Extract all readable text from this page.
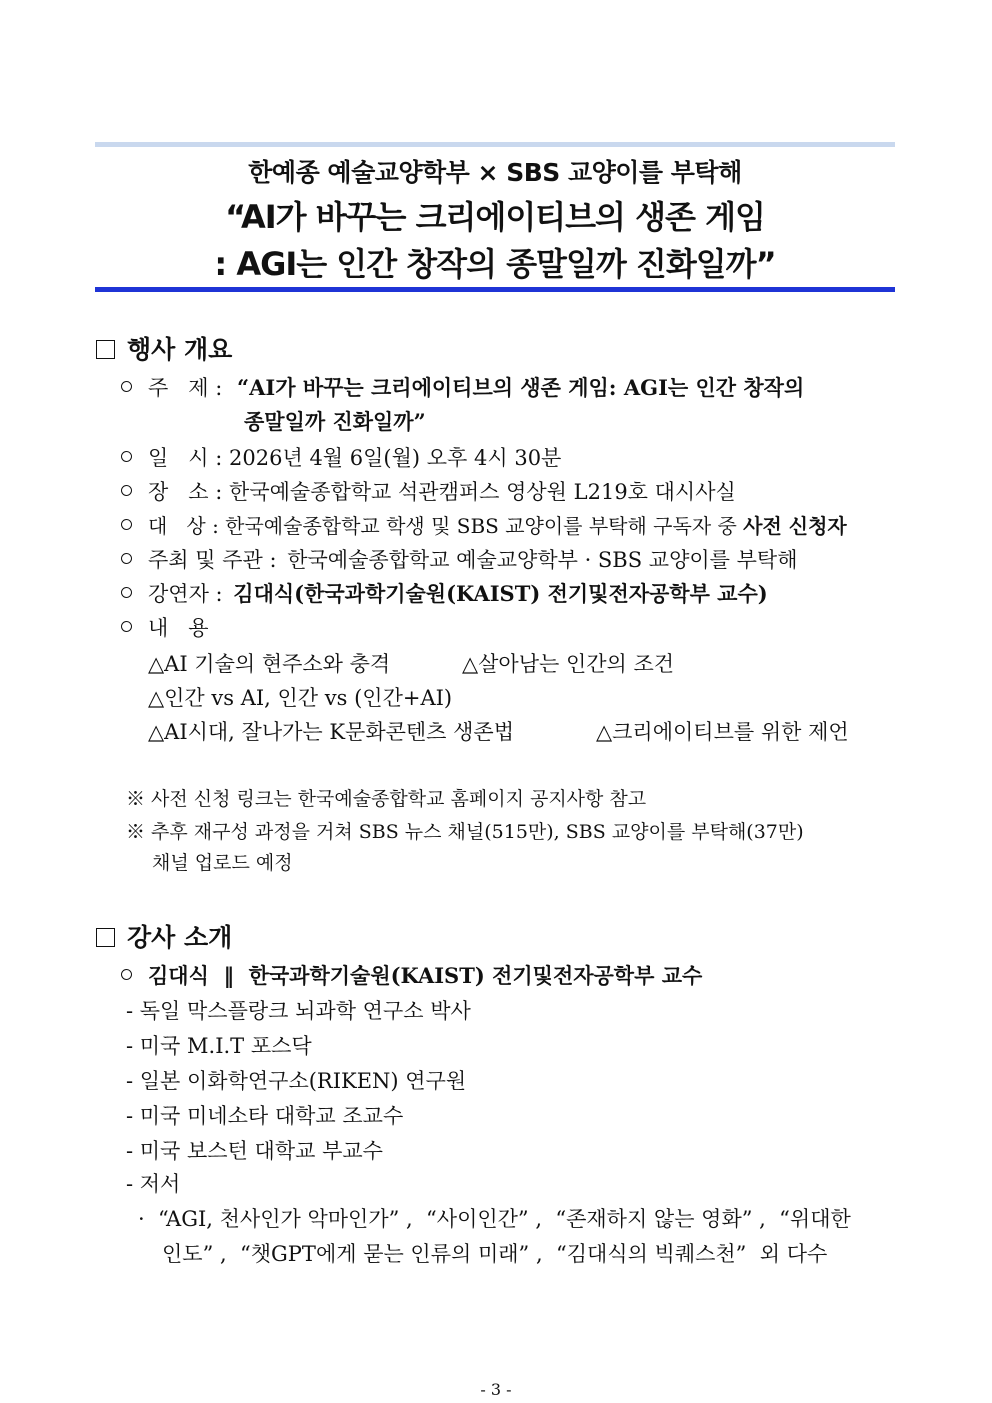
한예종 예술교양학부 × SBS 교양이를 부탁해
“AI가 바꾸는 크리에이티브의 생존 게임
: AGI는 인간 창작의 종말일까 진화일까”
행사 개요
주   제 : “AI가 바꾸는 크리에이티브의 생존 게임: AGI는 인간 창작의
종말일까 진화일까”
일   시 : 2026년 4월 6일(월) 오후 4시 30분
장   소 : 한국예술종합학교 석관캠퍼스 영상원 L219호 대시사실
대   상 : 한국예술종합학교 학생 및 SBS 교양이를 부탁해 구독자 중 사전 신청자
주최 및 주관 : 한국예술종합학교 예술교양학부 · SBS 교양이를 부탁해
강연자 : 김대식(한국과학기술원(KAIST) 전기및전자공학부 교수)
내   용
△AI 기술의 현주소와 충격	△살아남는 인간의 조건
△인간 vs AI, 인간 vs (인간+AI)
△AI시대, 잘나가는 K문화콘텐츠 생존법	△크리에이티브를 위한 제언
※ 사전 신청 링크는 한국예술종합학교 홈페이지 공지사항 참고
※ 추후 재구성 과정을 거쳐 SBS 뉴스 채널(515만), SBS 교양이를 부탁해(37만)
채널 업로드 예정
강사 소개
김대식  ‖  한국과학기술원(KAIST) 전기및전자공학부 교수
- 독일 막스플랑크 뇌과학 연구소 박사
- 미국 M.I.T 포스닥
- 일본 이화학연구소(RIKEN) 연구원
- 미국 미네소타 대학교 조교수
- 미국 보스턴 대학교 부교수
- 저서
·  “AGI, 천사인가 악마인가” ,  “사이인간” ,  “존재하지 않는 영화” ,  “위대한
인도” ,  “챗GPT에게 묻는 인류의 미래” ,  “김대식의 빅퀘스천”  외 다수
- 3 -
